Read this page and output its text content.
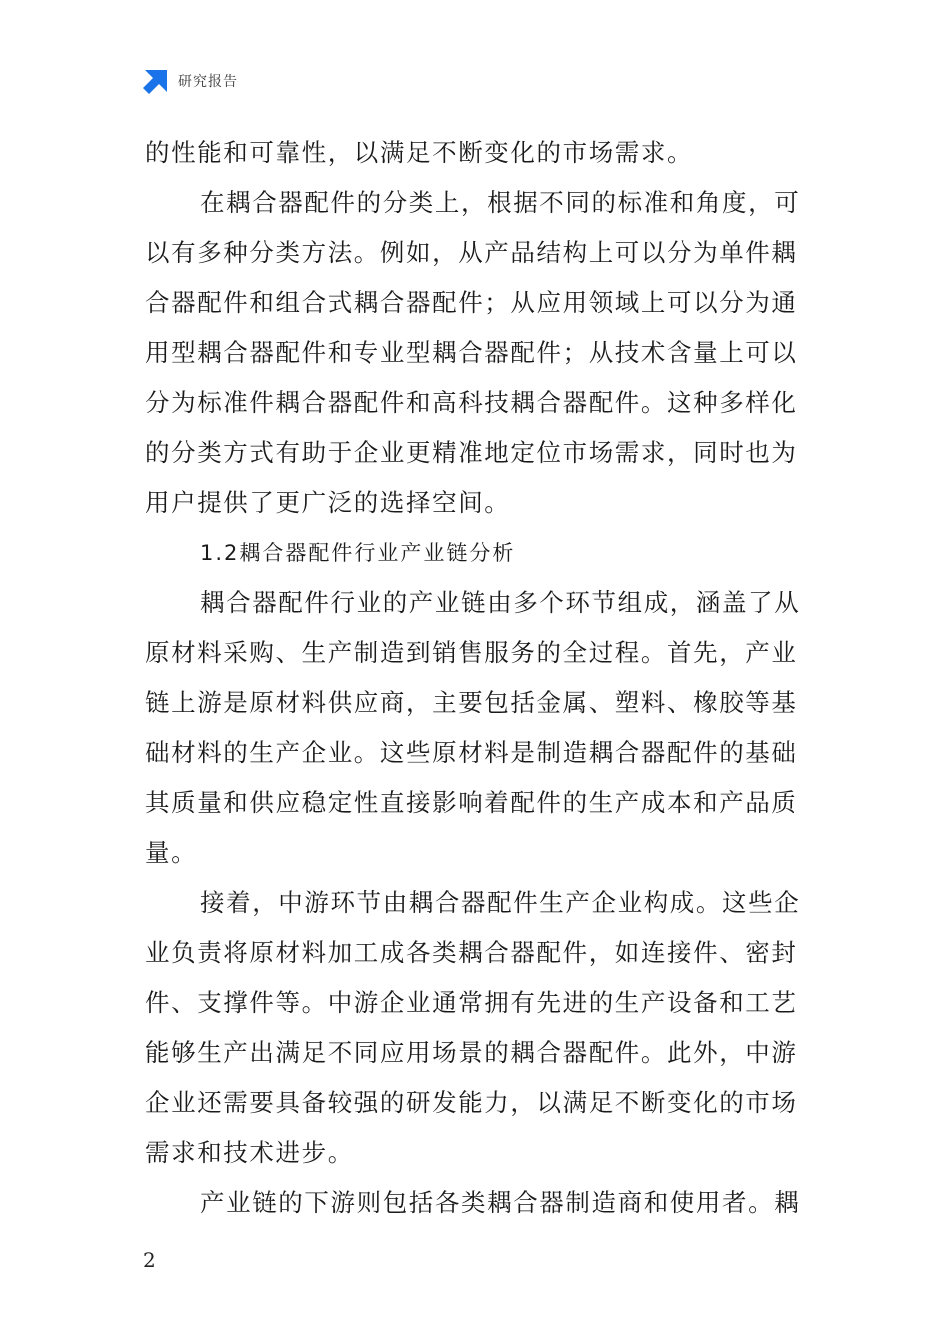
研究报告
的性能和可靠性，以满足不断变化的市场需求。
在耦合器配件的分类上，根据不同的标准和角度，可
以有多种分类方法。例如，从产品结构上可以分为单件耦
合器配件和组合式耦合器配件；从应用领域上可以分为通
用型耦合器配件和专业型耦合器配件；从技术含量上可以
分为标准件耦合器配件和高科技耦合器配件。这种多样化
的分类方式有助于企业更精准地定位市场需求，同时也为
用户提供了更广泛的选择空间。
1.2耦合器配件行业产业链分析
耦合器配件行业的产业链由多个环节组成，涵盖了从
原材料采购、生产制造到销售服务的全过程。首先，产业
链上游是原材料供应商，主要包括金属、塑料、橡胶等基
础材料的生产企业。这些原材料是制造耦合器配件的基础
其质量和供应稳定性直接影响着配件的生产成本和产品质
量。
接着，中游环节由耦合器配件生产企业构成。这些企
业负责将原材料加工成各类耦合器配件，如连接件、密封
件、支撑件等。中游企业通常拥有先进的生产设备和工艺
能够生产出满足不同应用场景的耦合器配件。此外，中游
企业还需要具备较强的研发能力，以满足不断变化的市场
需求和技术进步。
产业链的下游则包括各类耦合器制造商和使用者。耦
2
